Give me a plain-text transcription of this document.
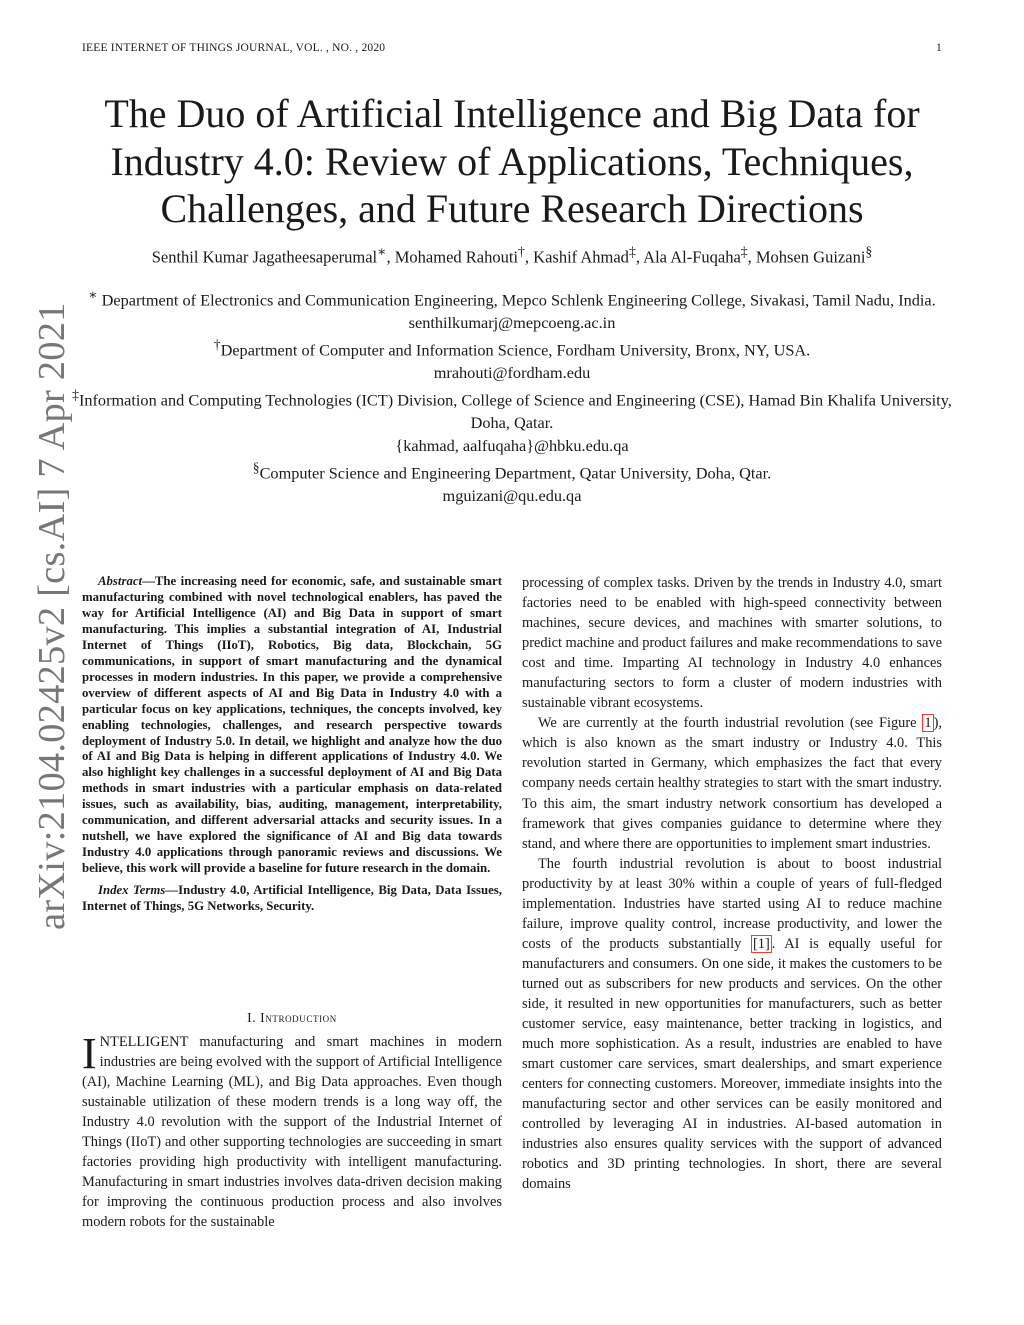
IEEE INTERNET OF THINGS JOURNAL, VOL. , NO. , 2020	1
arXiv:2104.02425v2 [cs.AI] 7 Apr 2021
The Duo of Artificial Intelligence and Big Data for
Industry 4.0: Review of Applications, Techniques,
Challenges, and Future Research Directions
Senthil Kumar Jagatheesaperumal∗, Mohamed Rahouti†, Kashif Ahmad‡, Ala Al-Fuqaha‡, Mohsen Guizani§

∗ Department of Electronics and Communication Engineering, Mepco Schlenk Engineering College, Sivakasi, Tamil Nadu, India.

senthilkumarj@mepcoeng.ac.in

†Department of Computer and Information Science, Fordham University, Bronx, NY, USA.

mrahouti@fordham.edu

‡Information and Computing Technologies (ICT) Division, College of Science and Engineering (CSE), Hamad Bin Khalifa University, Doha, Qatar.

{kahmad, aalfuqaha}@hbku.edu.qa

§Computer Science and Engineering Department, Qatar University, Doha, Qtar.

mguizani@qu.edu.qa

Abstract—The increasing need for economic, safe, and sustainable smart manufacturing combined with novel technological enablers, has paved the way for Artificial Intelligence (AI) and Big Data in support of smart manufacturing. This implies a substantial integration of AI, Industrial Internet of Things (IIoT), Robotics, Big data, Blockchain, 5G communications, in support of smart manufacturing and the dynamical processes in modern industries. In this paper, we provide a comprehensive overview of different aspects of AI and Big Data in Industry 4.0 with a particular focus on key applications, techniques, the concepts involved, key enabling technologies, challenges, and research perspective towards deployment of Industry 5.0. In detail, we highlight and analyze how the duo of AI and Big Data is helping in different applications of Industry 4.0. We also highlight key challenges in a successful deployment of AI and Big Data methods in smart industries with a particular emphasis on data-related issues, such as availability, bias, auditing, management, interpretability, communication, and different adversarial attacks and security issues. In a nutshell, we have explored the significance of AI and Big data towards Industry 4.0 applications through panoramic reviews and discussions. We believe, this work will provide a baseline for future research in the domain.

Index Terms—Industry 4.0, Artificial Intelligence, Big Data, Data Issues, Internet of Things, 5G Networks, Security.

I. Introduction

INTELLIGENT manufacturing and smart machines in modern industries are being evolved with the support of Artificial Intelligence (AI), Machine Learning (ML), and Big Data approaches. Even though sustainable utilization of these modern trends is a long way off, the Industry 4.0 revolution with the support of the Industrial Internet of Things (IIoT) and other supporting technologies are succeeding in smart factories providing high productivity with intelligent manufacturing. Manufacturing in smart industries involves data-driven decision making for improving the continuous production process and also involves modern robots for the sustainable

processing of complex tasks. Driven by the trends in Industry 4.0, smart factories need to be enabled with high-speed connectivity between machines, secure devices, and machines with smarter solutions, to predict machine and product failures and make recommendations to save cost and time. Imparting AI technology in Industry 4.0 enhances manufacturing sectors to form a cluster of modern industries with sustainable vibrant ecosystems.

We are currently at the fourth industrial revolution (see Figure 1 ), which is also known as the smart industry or Industry 4.0. This revolution started in Germany, which emphasizes the fact that every company needs certain healthy strategies to start with the smart industry. To this aim, the smart industry network consortium has developed a framework that gives companies guidance to determine where they stand, and where there are opportunities to implement smart industries.

The fourth industrial revolution is about to boost industrial productivity by at least 30% within a couple of years of full-fledged implementation. Industries have started using AI to reduce machine failure, improve quality control, increase productivity, and lower the costs of the products substantially [1] . AI is equally useful for manufacturers and consumers. On one side, it makes the customers to be turned out as subscribers for new products and services. On the other side, it resulted in new opportunities for manufacturers, such as better customer service, easy maintenance, better tracking in logistics, and much more sophistication. As a result, industries are enabled to have smart customer care services, smart dealerships, and smart experience centers for connecting customers. Moreover, immediate insights into the manufacturing sector and other services can be easily monitored and controlled by leveraging AI in industries. AI-based automation in industries also ensures quality services with the support of advanced robotics and 3D printing technologies. In short, there are several domains
